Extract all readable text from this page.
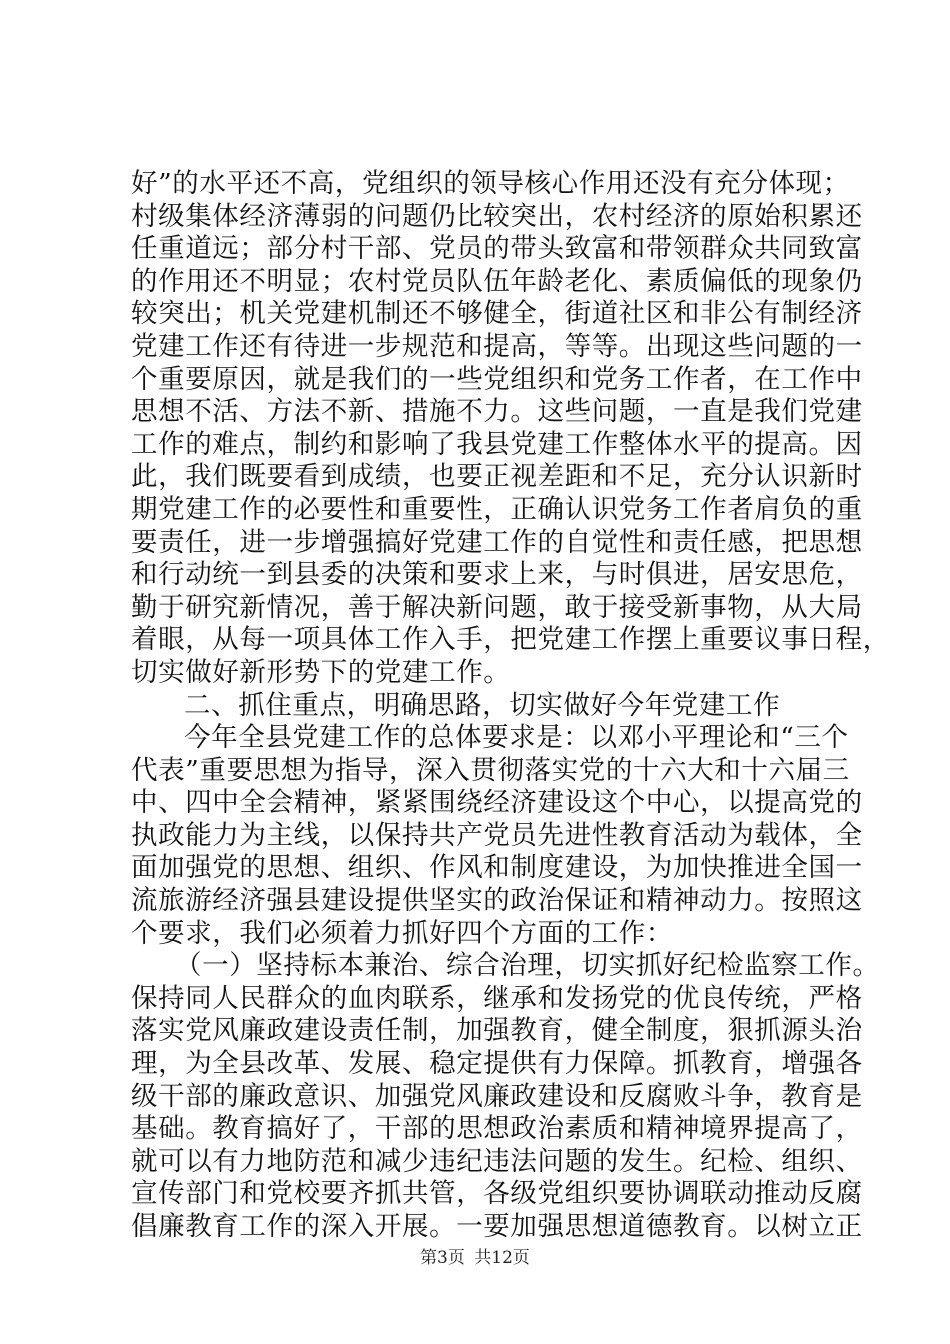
好”的水平还不高，党组织的领导核心作用还没有充分体现；
村级集体经济薄弱的问题仍比较突出，农村经济的原始积累还
任重道远；部分村干部、党员的带头致富和带领群众共同致富
的作用还不明显；农村党员队伍年龄老化、素质偏低的现象仍
较突出；机关党建机制还不够健全，街道社区和非公有制经济
党建工作还有待进一步规范和提高，等等。出现这些问题的一
个重要原因，就是我们的一些党组织和党务工作者，在工作中
思想不活、方法不新、措施不力。这些问题，一直是我们党建
工作的难点，制约和影响了我县党建工作整体水平的提高。因
此，我们既要看到成绩，也要正视差距和不足，充分认识新时
期党建工作的必要性和重要性，正确认识党务工作者肩负的重
要责任，进一步增强搞好党建工作的自觉性和责任感，把思想
和行动统一到县委的决策和要求上来，与时俱进，居安思危，
勤于研究新情况，善于解决新问题，敢于接受新事物，从大局
着眼，从每一项具体工作入手，把党建工作摆上重要议事日程，
切实做好新形势下的党建工作。
二、抓住重点，明确思路，切实做好今年党建工作
今年全县党建工作的总体要求是：以邓小平理论和“三个
代表”重要思想为指导，深入贯彻落实党的十六大和十六届三
中、四中全会精神，紧紧围绕经济建设这个中心，以提高党的
执政能力为主线，以保持共产党员先进性教育活动为载体，全
面加强党的思想、组织、作风和制度建设，为加快推进全国一
流旅游经济强县建设提供坚实的政治保证和精神动力。按照这
个要求，我们必须着力抓好四个方面的工作：
（一）坚持标本兼治、综合治理，切实抓好纪检监察工作。
保持同人民群众的血肉联系，继承和发扬党的优良传统，严格
落实党风廉政建设责任制，加强教育，健全制度，狠抓源头治
理，为全县改革、发展、稳定提供有力保障。抓教育，增强各
级干部的廉政意识、加强党风廉政建设和反腐败斗争，教育是
基础。教育搞好了，干部的思想政治素质和精神境界提高了，
就可以有力地防范和减少违纪违法问题的发生。纪检、组织、
宣传部门和党校要齐抓共管，各级党组织要协调联动推动反腐
倡廉教育工作的深入开展。一要加强思想道德教育。以树立正
第3页 共12页
